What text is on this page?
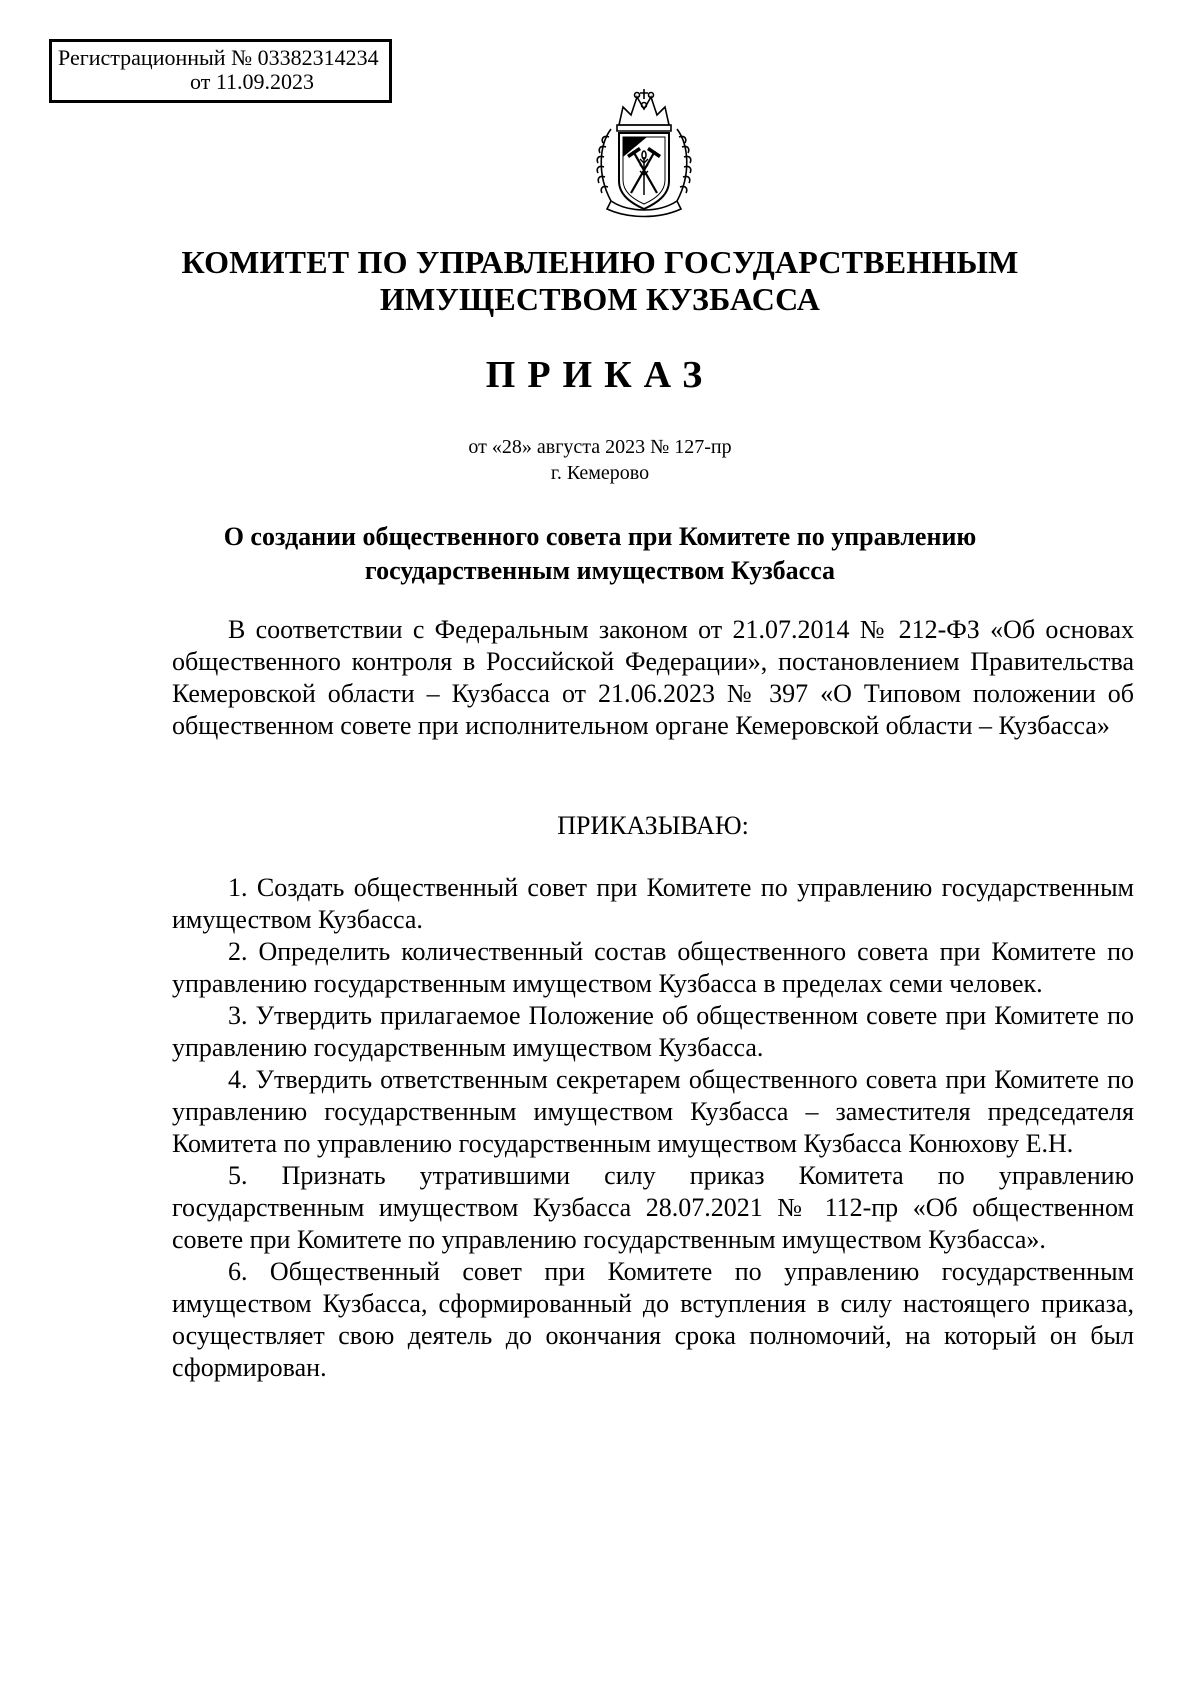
Регистрационный № 03382314234
от 11.09.2023
КОМИТЕТ ПО УПРАВЛЕНИЮ ГОСУДАРСТВЕННЫМ
ИМУЩЕСТВОМ КУЗБАССА
ПРИКАЗ
от «28» августа 2023 № 127-пр
г. Кемерово
О создании общественного совета при Комитете по управлению
государственным имуществом Кузбасса

В соответствии с Федеральным законом от 21.07.2014 № 212-ФЗ «Об основах общественного контроля в Российской Федерации», постановлением Правительства Кемеровской области – Кузбасса от 21.06.2023 № 397 «О Типовом положении об общественном совете при исполнительном органе Кемеровской области – Кузбасса»

ПРИКАЗЫВАЮ:
1. Создать общественный совет при Комитете по управлению государственным имуществом Кузбасса.
2. Определить количественный состав общественного совета при Комитете по управлению государственным имуществом Кузбасса в пределах семи человек.
3. Утвердить прилагаемое Положение об общественном совете при Комитете по управлению государственным имуществом Кузбасса.
4. Утвердить ответственным секретарем общественного совета при Комитете по управлению государственным имуществом Кузбасса – заместителя председателя Комитета по управлению государственным имуществом Кузбасса Конюхову Е.Н.
5. Признать утратившими силу приказ Комитета по управлению государственным имуществом Кузбасса 28.07.2021 № 112-пр «Об общественном совете при Комитете по управлению государственным имуществом Кузбасса».
6. Общественный совет при Комитете по управлению государственным имуществом Кузбасса, сформированный до вступления в силу настоящего приказа, осуществляет свою деятель до окончания срока полномочий, на который он был сформирован.
